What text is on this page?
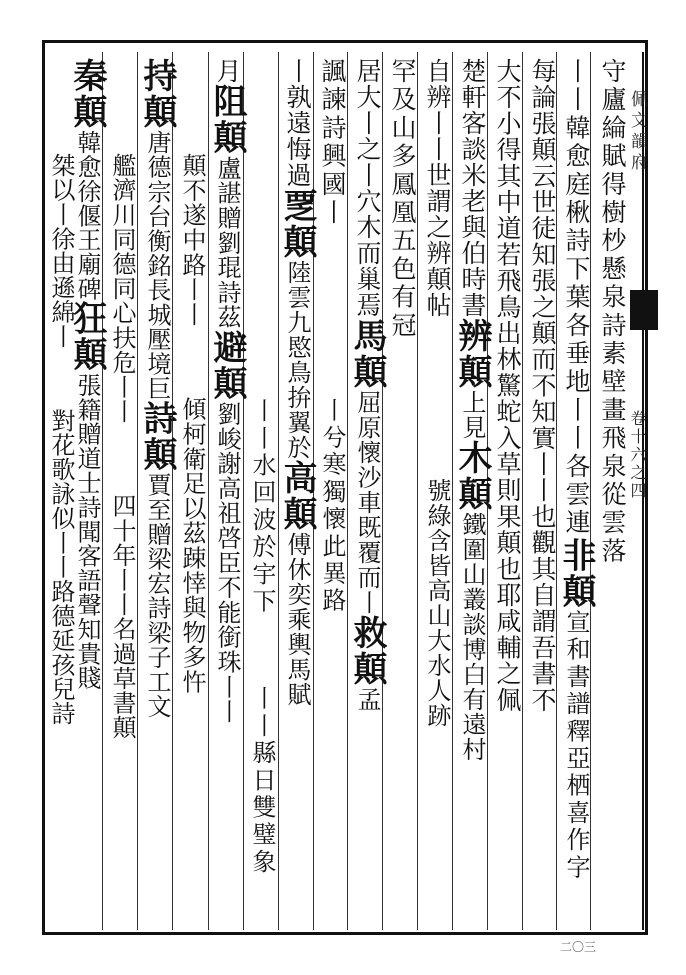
佩文韻府
卷十六之四
守廬綸賦得樹杪懸泉詩素壁畫飛泉從雲落
丨丨韓愈庭楸詩下葉各垂地丨丨各雲連非顛宣和書譜釋亞栖喜作字
每論張顛云世徒知張之顛而不知實丨丨也觀其自謂吾書不
大不小得其中道若飛鳥出林驚蛇入草則果顛也耶咸輔之佩
楚軒客談米老與伯時書辨顛上見木顛鐵圍山叢談博白有遠村
自辨丨丨世謂之辨顛帖號綠含皆高山大水人跡
罕及山多鳳凰五色有冠
居大丨之丨穴木而巢焉馬顛屈原懷沙車既覆而丨救顛孟
諷諫詩興國丨丨兮寒獨懷此異路
丨孰遠悔過覂顛陸雲九愍鳥拚翼於高顛傅休奕乘輿馬賦
丨丨水回波於宇下丨丨縣日雙璧象
月阻顛盧諶贈劉琨詩茲避顛劉峻謝高祖啓臣不能銜珠丨丨
顛不遂中路丨丨傾柯衛足以茲踈悻與物多忤
持顛唐德宗台衡銘長城壓境巨詩顛賈至贈梁宏詩梁子工文
艦濟川同德同心扶危丨丨四十年丨丨名過草書顛
秦顛韓愈徐偃王廟碑狂顛張籍贈道士詩聞客語聲知貴賤
桀以丨徐由遜綿丨對花歌詠似丨丨路德延孩兒詩
二〇三
